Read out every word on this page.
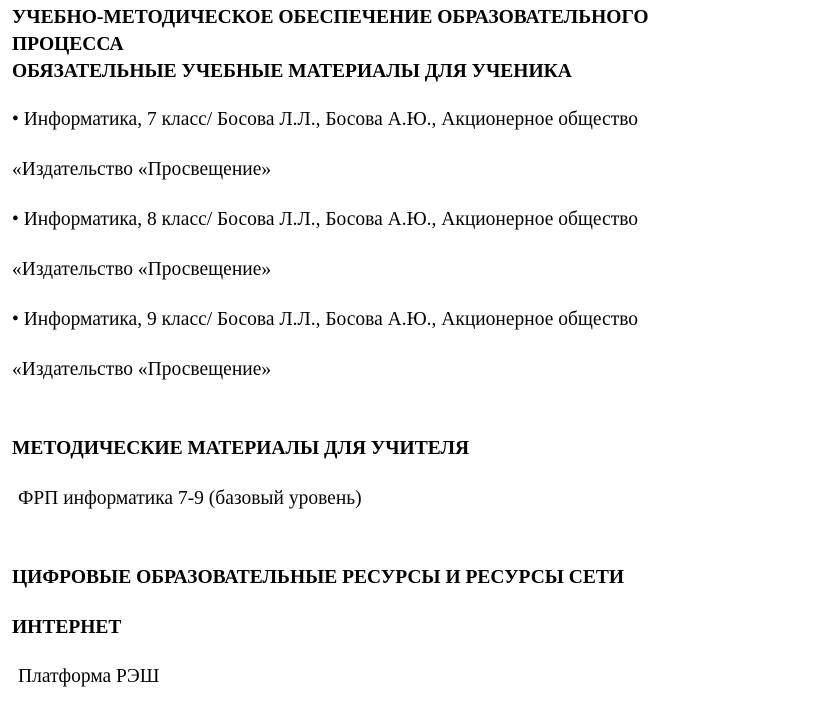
УЧЕБНО-МЕТОДИЧЕСКОЕ ОБЕСПЕЧЕНИЕ ОБРАЗОВАТЕЛЬНОГО
ПРОЦЕССА
ОБЯЗАТЕЛЬНЫЕ УЧЕБНЫЕ МАТЕРИАЛЫ ДЛЯ УЧЕНИКА
• Информатика, 7 класс/ Босова Л.Л., Босова А.Ю., Акционерное общество
«Издательство «Просвещение»
• Информатика, 8 класс/ Босова Л.Л., Босова А.Ю., Акционерное общество
«Издательство «Просвещение»
• Информатика, 9 класс/ Босова Л.Л., Босова А.Ю., Акционерное общество
«Издательство «Просвещение»
МЕТОДИЧЕСКИЕ МАТЕРИАЛЫ ДЛЯ УЧИТЕЛЯ
ФРП информатика 7-9 (базовый уровень)
ЦИФРОВЫЕ ОБРАЗОВАТЕЛЬНЫЕ РЕСУРСЫ И РЕСУРСЫ СЕТИ
ИНТЕРНЕТ
Платформа РЭШ
